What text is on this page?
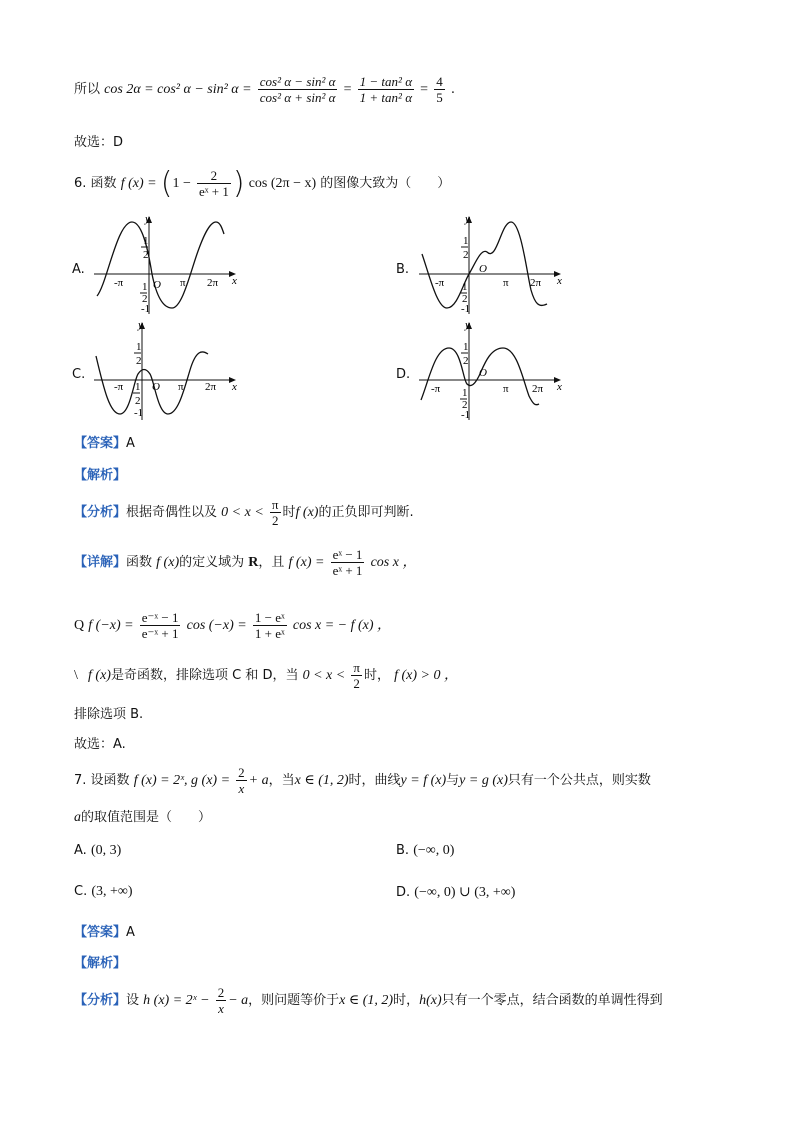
所以 cos 2α = cos² α − sin² $\alpha = \frac{\text{cos² α − sin² α}}{\text{cos² α + sin² α}} = \frac{\text{1 − tan² α}}{\text{1 + tan² α}} = \frac{4}{5}$ .
故选：D
6. 函数 f $(x) = (1 - \frac{2}{\text{eˣ + 1}}$ ) cos (2π − x) 的图像大致为（　　）
A.	B.
C.	D.
y
x
1
2
1
2
-1
O
-π	π 2π
y
x
1
2
1
2
-1
O
-π	π 2π
y
x
1
2
1
2
-1
O
-π	π 2π
y
x
1
2
1
2
-1
O
-π	π 2π
【答案】A
【解析】
【分析】根据奇偶性以及 $0 < x < \frac{\pi}{2}$ 时f (x)的正负即可判断.
【详解】函数 f (x)的定义域为 R，且 f $(x) = \frac{\text{eˣ − 1}}{\text{eˣ + 1}}$ cos x ，
Q f $(-x) = \frac{\text{e⁻ˣ − 1}}{\text{e⁻ˣ + 1}}$ $\cos (-x) = \frac{\text{1 − eˣ}}{\text{1 + eˣ}}$ cos x = − f (x) ，
\ f (x)是奇函数，排除选项 C 和 D，当 $0 < x < \frac{\pi}{2}$ 时， f (x) > 0 ，
排除选项 B.
故选：A.
7. 设函数 f (x) = 2ˣ, g $(x) = \frac{2}{x} + a$，当x ∈ (1, 2)时，曲线y = f (x)与y = g (x)只有一个公共点，则实数
a的取值范围是（　　）
A. (0, 3)	B. (−∞, 0)
C. (3, +∞)	D. (−∞, 0) ∪ (3, +∞)
【答案】A
【解析】
【分析】设 h (x) = 2ˣ − $\frac{2}{x} - a$，则问题等价于x ∈ (1, 2)时，h(x)只有一个零点，结合函数的单调性得到
